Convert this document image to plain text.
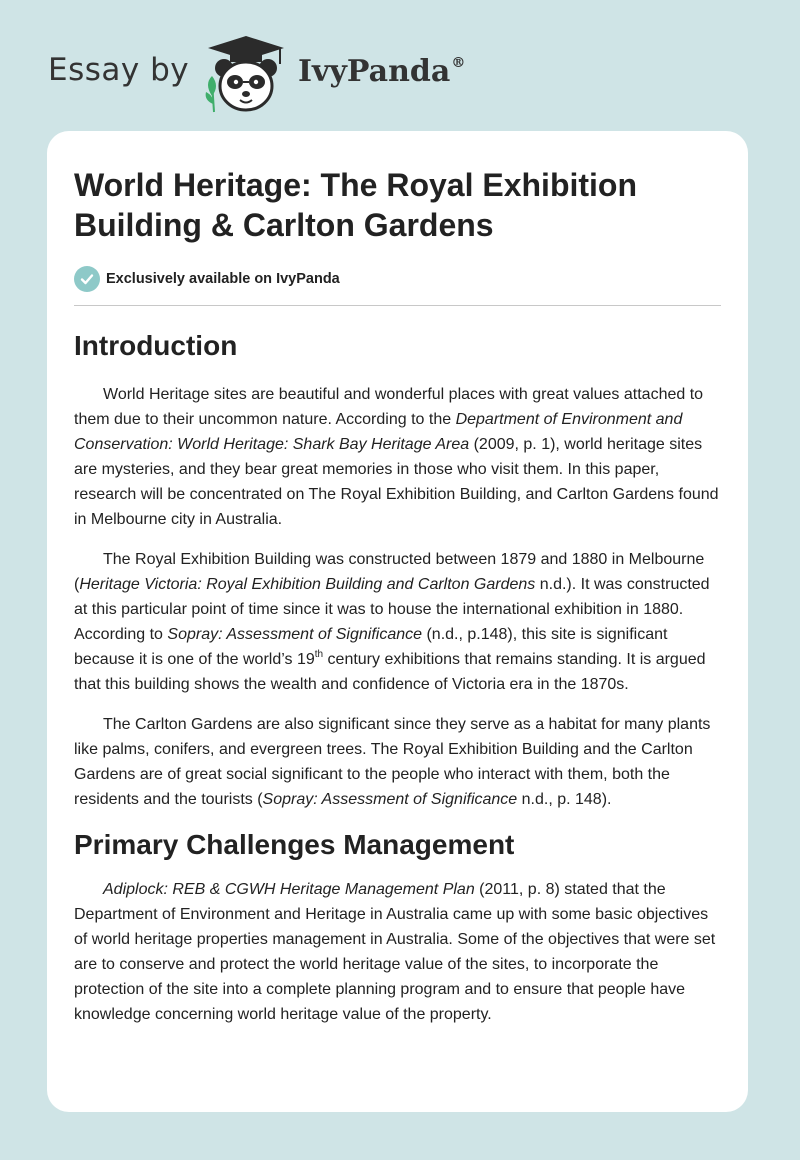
Essay by	IvyPanda®
World Heritage: The Royal Exhibition Building & Carlton Gardens
Exclusively available on IvyPanda
Introduction

World Heritage sites are beautiful and wonderful places with great values attached to them due to their uncommon nature. According to the Department of Environment and Conservation: World Heritage: Shark Bay Heritage Area (2009, p. 1), world heritage sites are mysteries, and they bear great memories in those who visit them. In this paper, research will be concentrated on The Royal Exhibition Building, and Carlton Gardens found in Melbourne city in Australia.

The Royal Exhibition Building was constructed between 1879 and 1880 in Melbourne (Heritage Victoria: Royal Exhibition Building and Carlton Gardens n.d.). It was constructed at this particular point of time since it was to house the international exhibition in 1880. According to Sopray: Assessment of Significance (n.d., p.148), this site is significant because it is one of the world’s 19th century exhibitions that remains standing. It is argued that this building shows the wealth and confidence of Victoria era in the 1870s.

The Carlton Gardens are also significant since they serve as a habitat for many plants like palms, conifers, and evergreen trees. The Royal Exhibition Building and the Carlton Gardens are of great social significant to the people who interact with them, both the residents and the tourists (Sopray: Assessment of Significance n.d., p. 148).

Primary Challenges Management

Adiplock: REB & CGWH Heritage Management Plan (2011, p. 8) stated that the Department of Environment and Heritage in Australia came up with some basic objectives of world heritage properties management in Australia. Some of the objectives that were set are to conserve and protect the world heritage value of the sites, to incorporate the protection of the site into a complete planning program and to ensure that people have knowledge concerning world heritage value of the property.
